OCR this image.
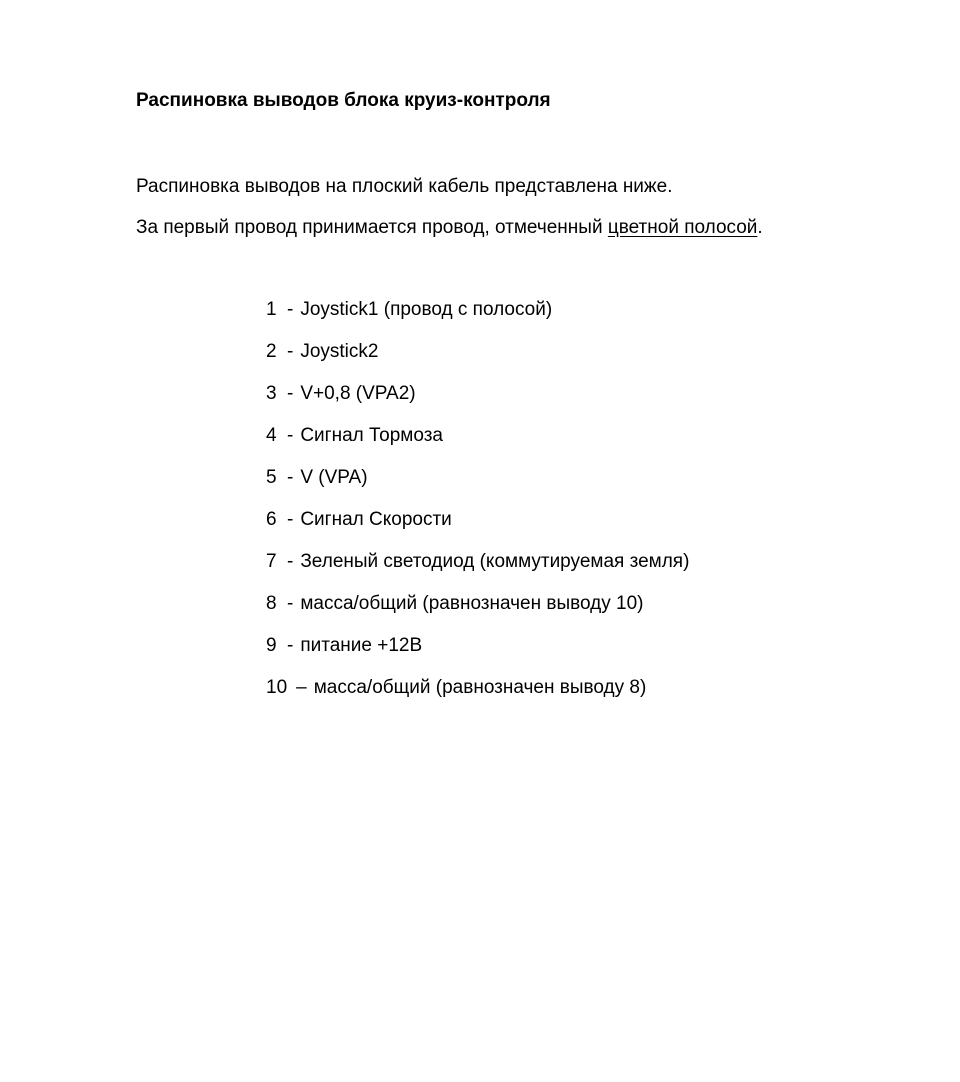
Распиновка выводов блока круиз-контроля

Распиновка выводов на плоский кабель представлена ниже.

За первый провод принимается провод, отмеченный цветной полосой.

1 - Joystick1 (провод с полосой)
2 - Joystick2
3 - V+0,8 (VPA2)
4 - Сигнал Тормоза
5 - V (VPA)
6 - Сигнал Скорости
7 - Зеленый светодиод (коммутируемая земля)
8 - масса/общий (равнозначен выводу 10)
9 - питание +12В
10 – масса/общий (равнозначен выводу 8)
